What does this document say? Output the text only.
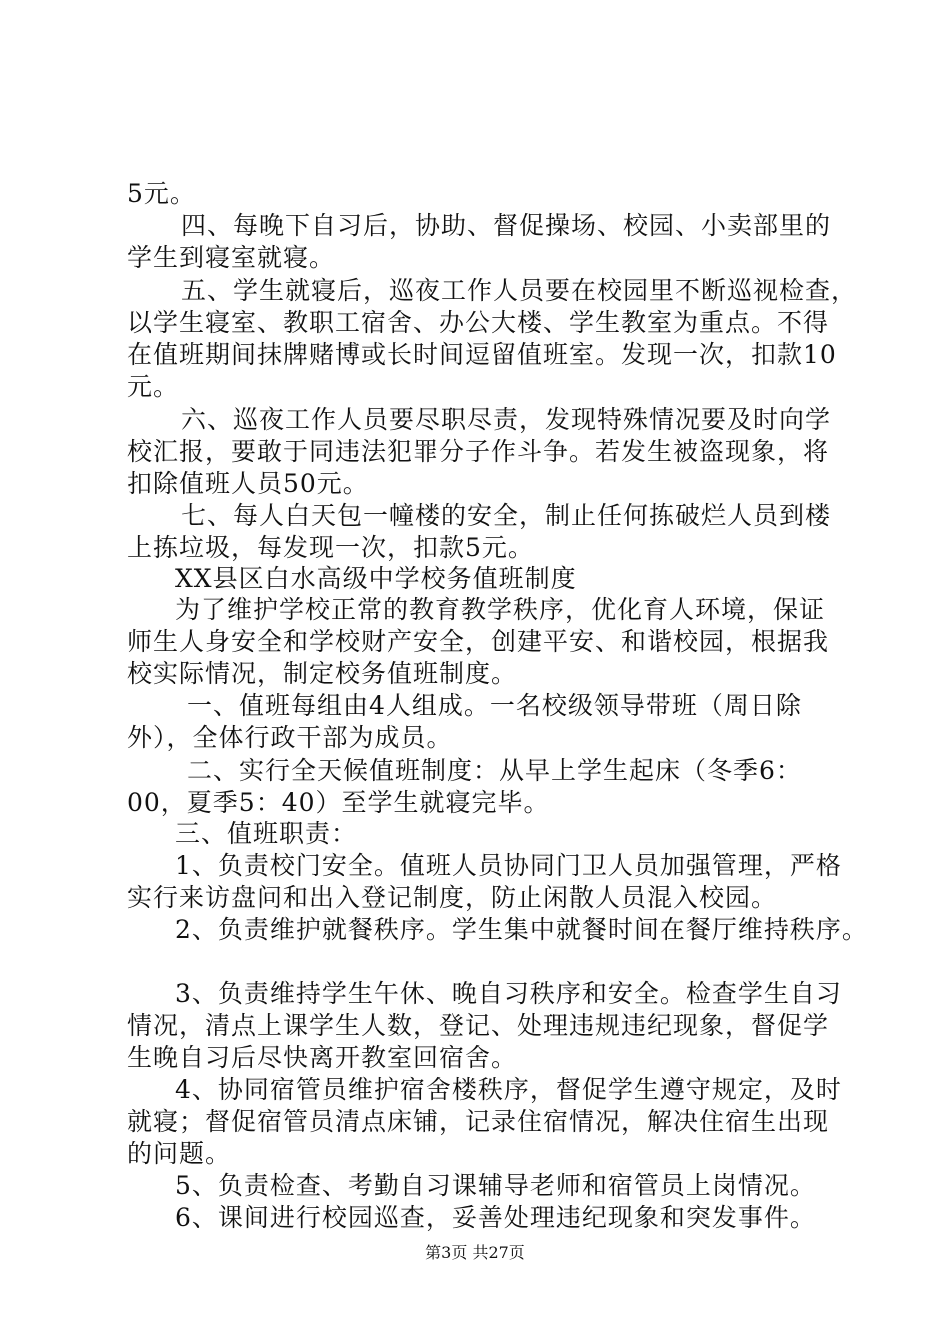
5元。
四、每晚下自习后，协助、督促操场、校园、小卖部里的
学生到寝室就寝。
五、学生就寝后，巡夜工作人员要在校园里不断巡视检查，
以学生寝室、教职工宿舍、办公大楼、学生教室为重点。不得
在值班期间抹牌赌博或长时间逗留值班室。发现一次，扣款10
元。
六、巡夜工作人员要尽职尽责，发现特殊情况要及时向学
校汇报，要敢于同违法犯罪分子作斗争。若发生被盗现象，将
扣除值班人员50元。
七、每人白天包一幢楼的安全，制止任何拣破烂人员到楼
上拣垃圾，每发现一次，扣款5元。
XX县区白水高级中学校务值班制度
为了维护学校正常的教育教学秩序，优化育人环境，保证
师生人身安全和学校财产安全，创建平安、和谐校园，根据我
校实际情况，制定校务值班制度。
一、值班每组由4人组成。一名校级领导带班（周日除
外），全体行政干部为成员。
二、实行全天候值班制度：从早上学生起床（冬季6：
00，夏季5：40）至学生就寝完毕。
三、值班职责：
1、负责校门安全。值班人员协同门卫人员加强管理，严格
实行来访盘问和出入登记制度，防止闲散人员混入校园。
2、负责维护就餐秩序。学生集中就餐时间在餐厅维持秩序。
3、负责维持学生午休、晚自习秩序和安全。检查学生自习
情况，清点上课学生人数，登记、处理违规违纪现象，督促学
生晚自习后尽快离开教室回宿舍。
4、协同宿管员维护宿舍楼秩序，督促学生遵守规定，及时
就寝；督促宿管员清点床铺，记录住宿情况，解决住宿生出现
的问题。
5、负责检查、考勤自习课辅导老师和宿管员上岗情况。
6、课间进行校园巡查，妥善处理违纪现象和突发事件。
第3页 共27页
